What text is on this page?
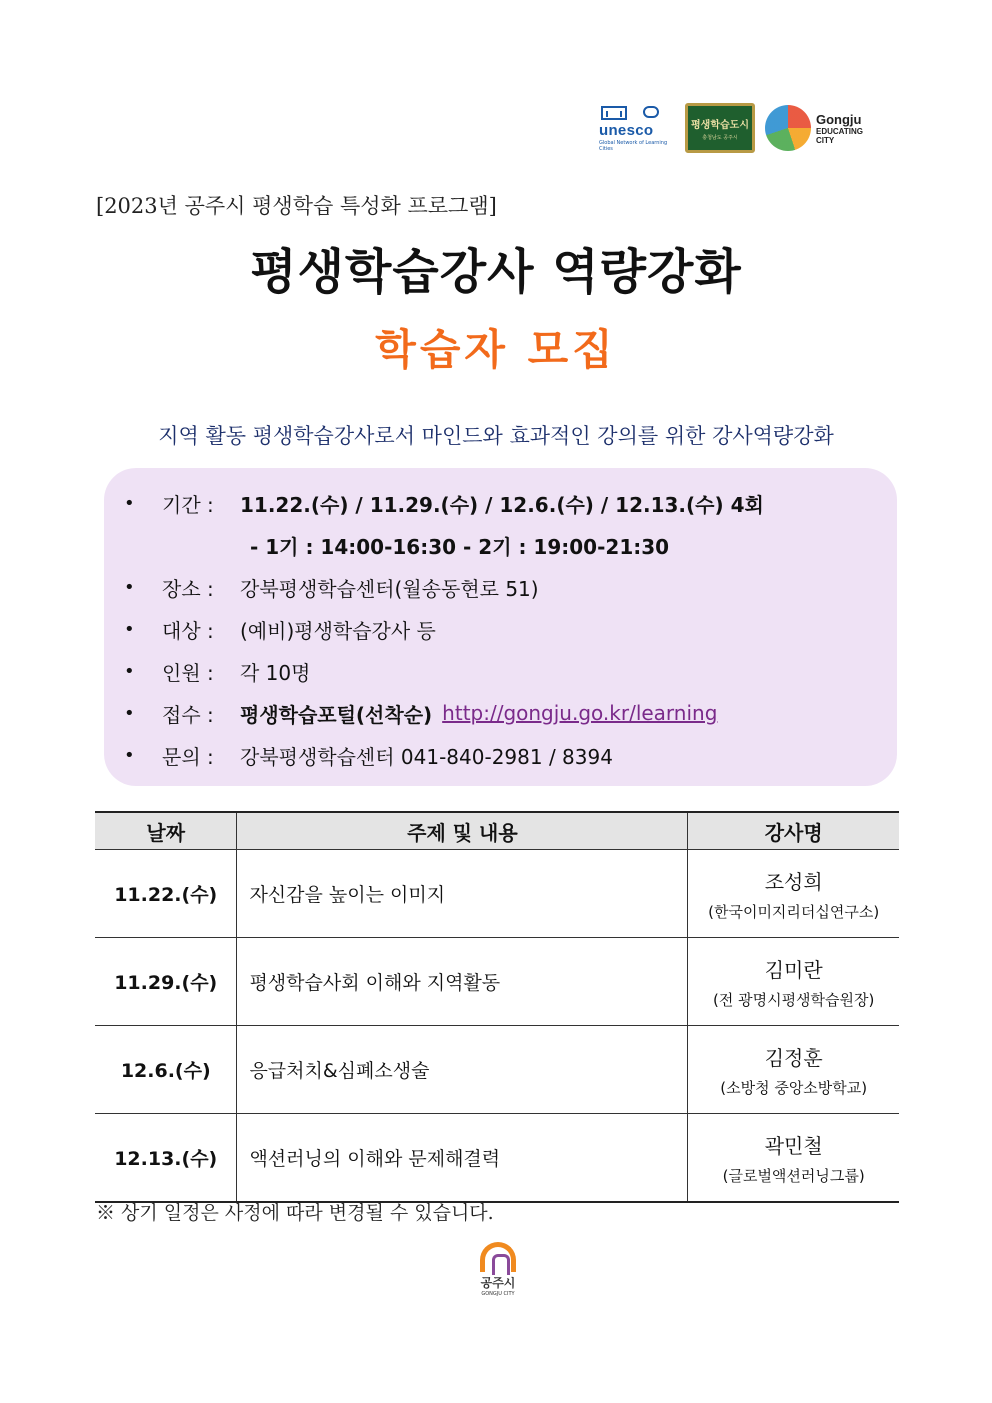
unesco
Global Network of Learning Cities
평생학습도시
충청남도 공주시
Gongju
EDUCATING CITY

[2023년 공주시 평생학습 특성화 프로그램]

평생학습강사 역량강화
학습자 모집

지역 활동 평생학습강사로서 마인드와 효과적인 강의를 위한 강사역량강화

•	기간 :	11.22.(수) / 11.29.(수) / 12.6.(수) / 12.13.(수) 4회
- 1기 : 14:00-16:30 - 2기 : 19:00-21:30
•	장소 :	강북평생학습센터(월송동현로 51)
•	대상 :	(예비)평생학습강사 등
•	인원 :	각 10명
•	접수 :	평생학습포털(선착순) http://gongju.go.kr/learning
•	문의 :	강북평생학습센터 041-840-2981 / 8394
날짜	주제 및 내용	강사명
11.22.(수)	자신감을 높이는 이미지	조성희
(한국이미지리더십연구소)

11.29.(수)	평생학습사회 이해와 지역활동	김미란
(전 광명시평생학습원장)

12.6.(수)	응급처치&심폐소생술	김정훈
(소방청 중앙소방학교)

12.13.(수)	액션러닝의 이해와 문제해결력	곽민철
(글로벌액션러닝그룹)

※ 상기 일정은 사정에 따라 변경될 수 있습니다.

공주시
GONGJU CITY
